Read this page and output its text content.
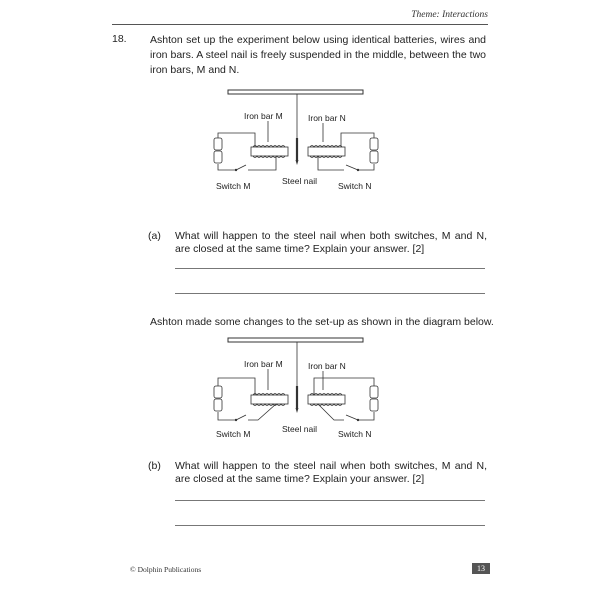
Theme: Interactions
18. Ashton set up the experiment below using identical batteries, wires and iron bars. A steel nail is freely suspended in the middle, between the two iron bars, M and N.
Iron bar M	Iron bar N
Steel nail
Switch M	Switch N
(a) What will happen to the steel nail when both switches, M and N, are closed at the same time? Explain your answer. [2]
Ashton made some changes to the set-up as shown in the diagram below.
Iron bar M	Iron bar N
Steel nail
Switch M	Switch N
(b) What will happen to the steel nail when both switches, M and N, are closed at the same time? Explain your answer. [2]
© Dolphin Publications	13
